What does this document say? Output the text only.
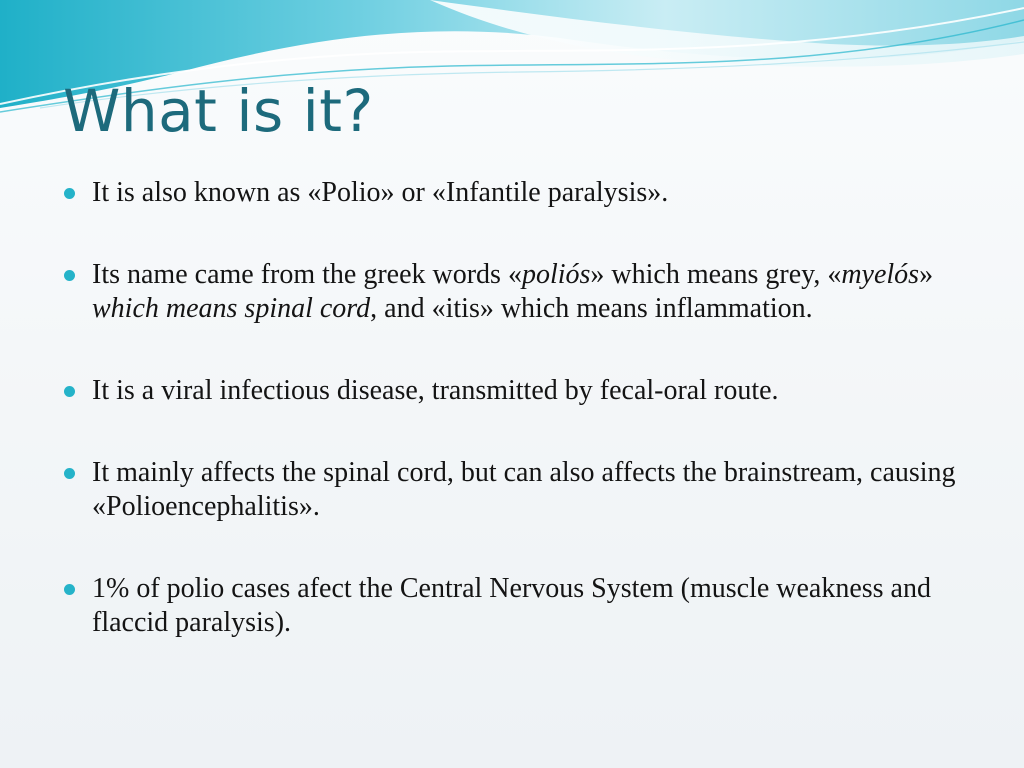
What is it?
It is also known as «Polio» or «Infantile paralysis».
Its name came from the greek words «poliós» which means grey, «myelós» which means spinal cord, and «itis» which means inflammation.
It is a viral infectious disease, transmitted by fecal-oral route.
It mainly affects the spinal cord, but can also affects the brainstream, causing «Polioencephalitis».
1% of polio cases afect the Central Nervous System (muscle weakness and flaccid paralysis).
